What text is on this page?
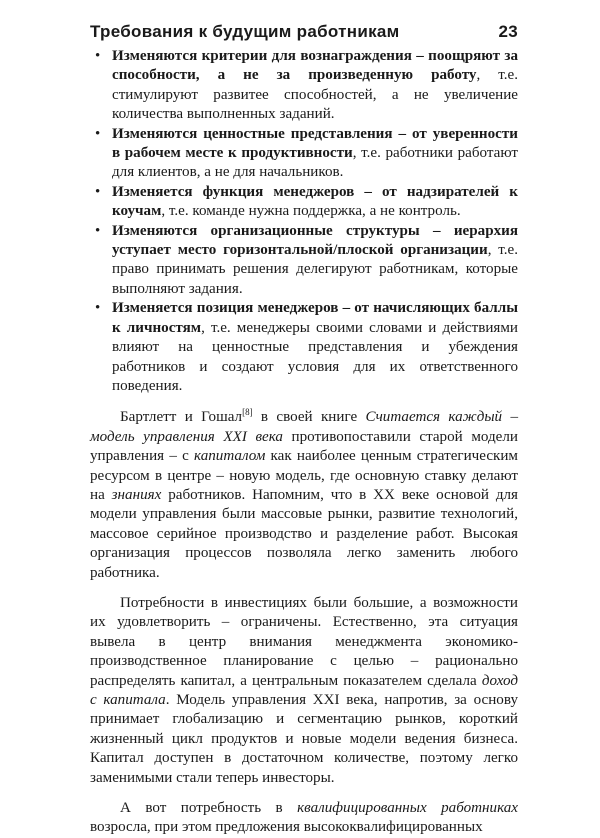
Требования к будущим работникам	23
• Изменяются критерии для вознаграждения – поощряют за способности, а не за произведенную работу, т.е. стимулируют развитее способностей, а не увеличение количества выполненных заданий.
• Изменяются ценностные представления – от уверенности в рабочем месте к продуктивности, т.е. работники работают для клиентов, а не для начальников.
• Изменяется функция менеджеров – от надзирателей к коучам, т.е. команде нужна поддержка, а не контроль.
• Изменяются организационные структуры – иерархия уступает место горизонтальной/плоской организации, т.е. право принимать решения делегируют работникам, которые выполняют задания.
• Изменяется позиция менеджеров – от начисляющих баллы к личностям, т.е. менеджеры своими словами и действиями влияют на ценностные представления и убеждения работников и создают условия для их ответственного поведения.

Бартлетт и Гошал[8] в своей книге Считается каждый – модель управления XXI века противопоставили старой модели управления – с капиталом как наиболее ценным стратегическим ресурсом в центре – новую модель, где основную ставку делают на знаниях работников. Напомним, что в XX веке основой для модели управления были массовые рынки, развитие технологий, массовое серийное производство и разделение работ. Высокая организация процессов позволяла легко заменить любого работника.

Потребности в инвестициях были большие, а возможности их удовлетворить – ограничены. Естественно, эта ситуация вывела в центр внимания менеджмента экономико-производственное планирование с целью – рационально распределять капитал, а центральным показателем сделала доход с капитала. Модель управления XXI века, напротив, за основу принимает глобализацию и сегментацию рынков, короткий жизненный цикл продуктов и новые модели ведения бизнеса. Капитал доступен в достаточном количестве, поэтому легко заменимыми стали теперь инвесторы.

А вот потребность в квалифицированных работниках возросла, при этом предложения высококвалифицированных
